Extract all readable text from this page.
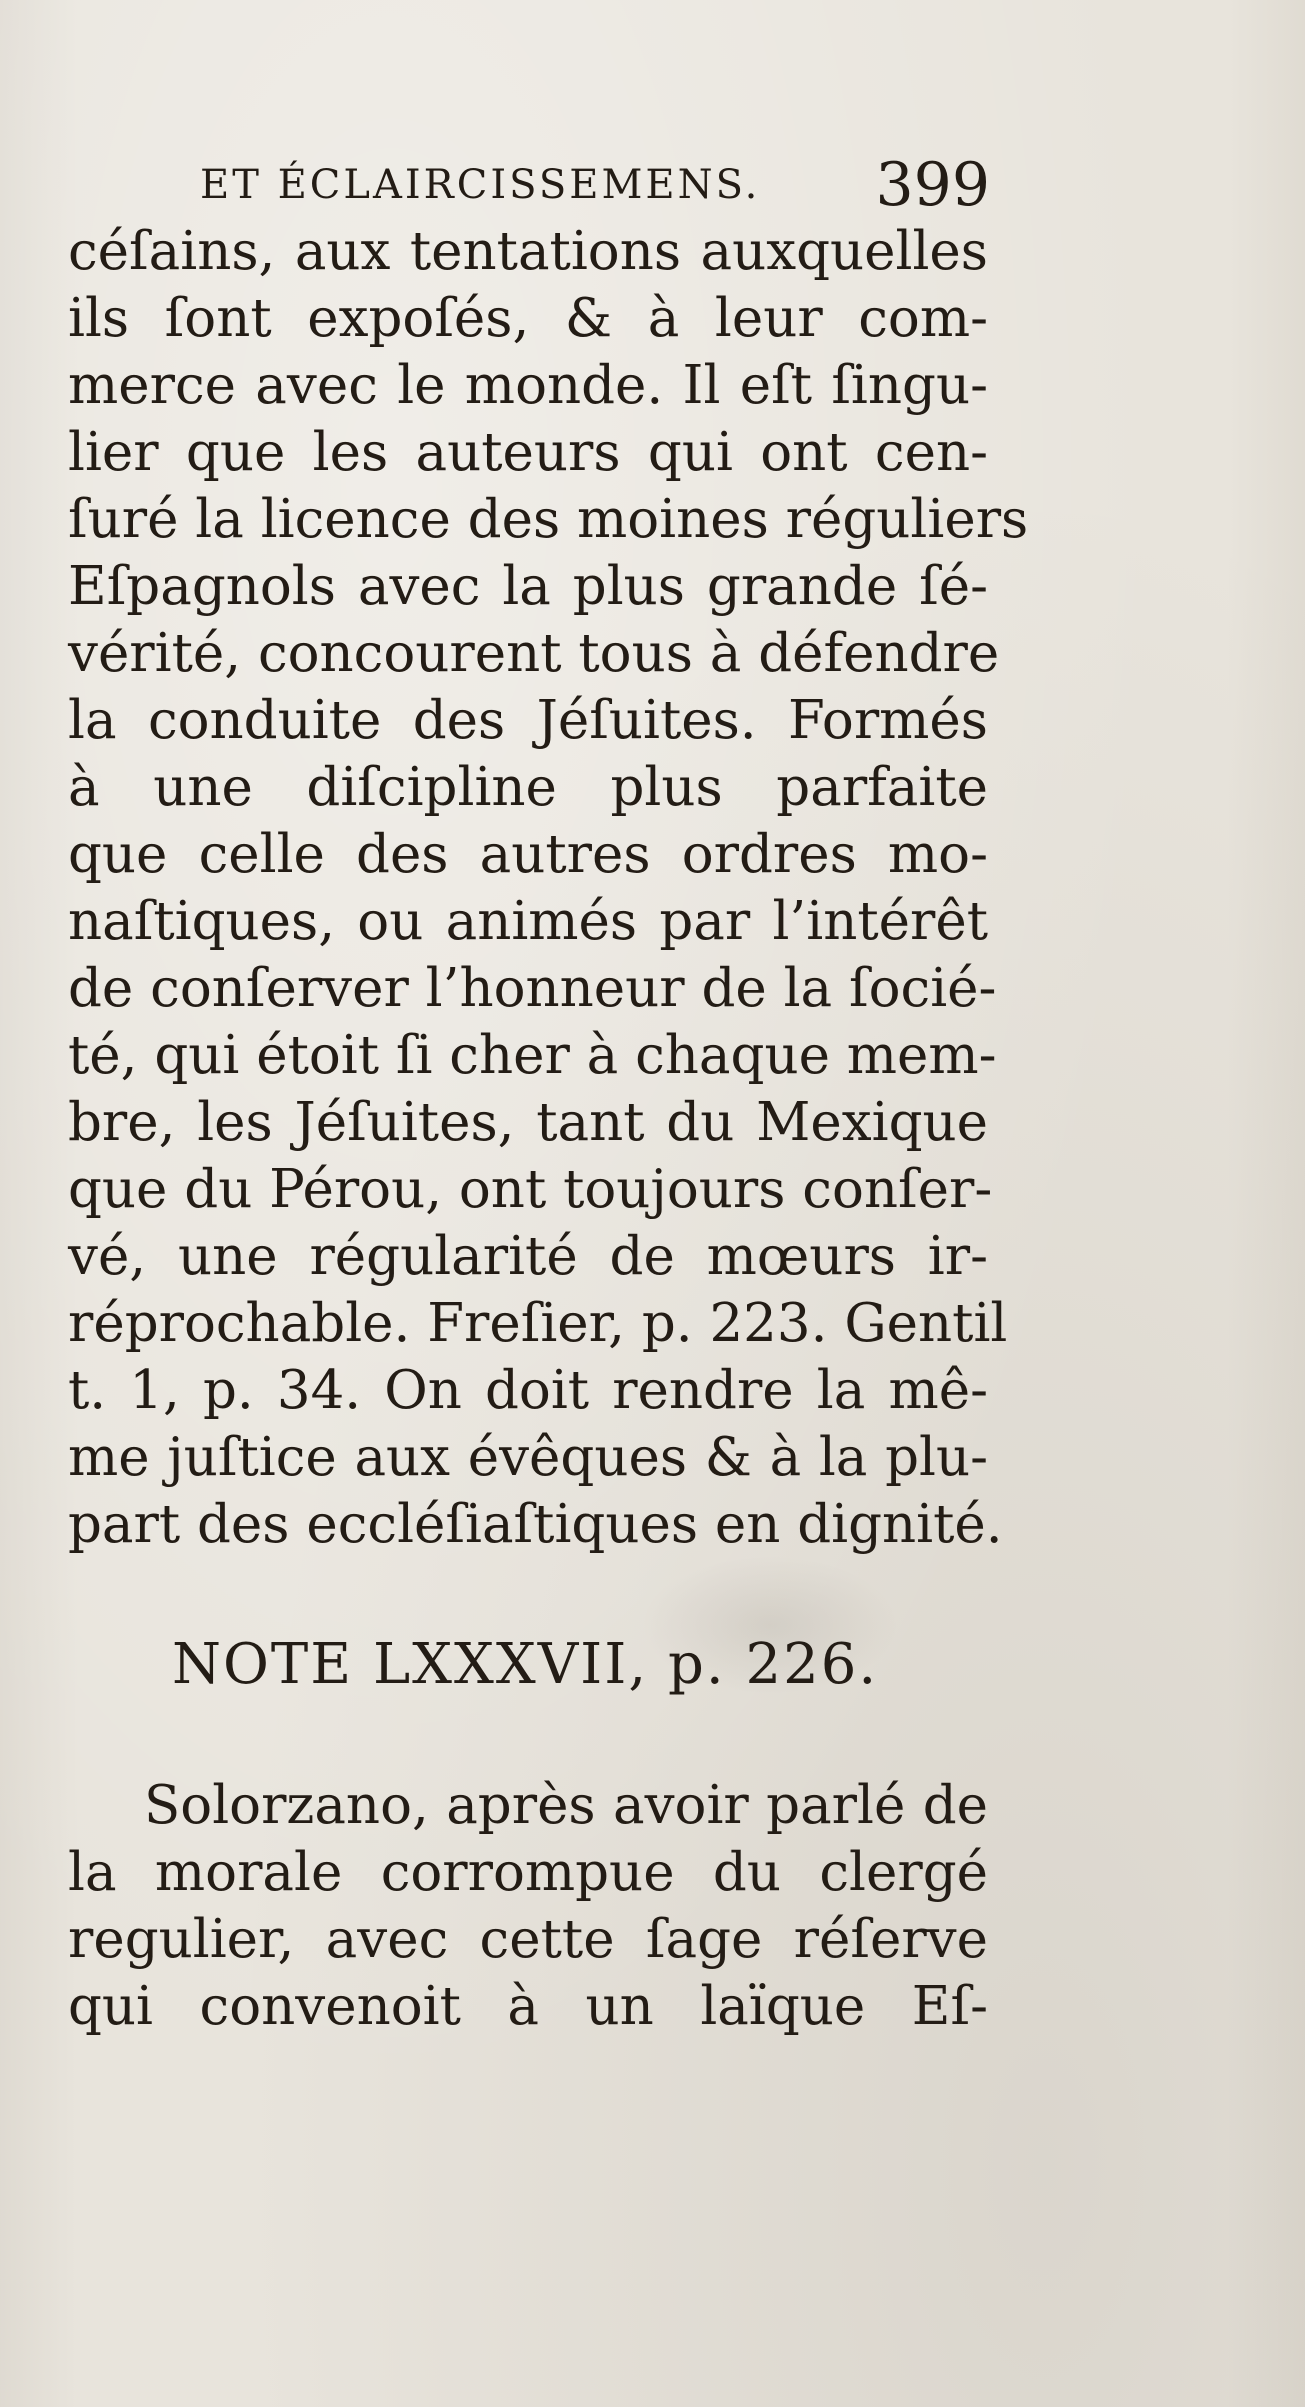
ET ÉCLAIRCISSEMENS. 399
céſains, aux tentations auxquelles
ils ſont expoſés, & à leur com-
merce avec le monde. Il eſt ſingu-
lier que les auteurs qui ont cen-
ſuré la licence des moines réguliers
Eſpagnols avec la plus grande ſé-
vérité, concourent tous à défendre
la conduite des Jéſuites. Formés
à une diſcipline plus parfaite
que celle des autres ordres mo-
naſtiques, ou animés par l’intérêt
de conſerver l’honneur de la ſocié-
té, qui étoit ſi cher à chaque mem-
bre, les Jéſuites, tant du Mexique
que du Pérou, ont toujours conſer-
vé, une régularité de mœurs ir-
réprochable. Freſier, p. 223. Gentil
t. 1, p. 34. On doit rendre la mê-
me juſtice aux évêques & à la plu-
part des eccléſiaſtiques en dignité.
NOTE LXXXVII, p. 226.
Solorzano, après avoir parlé de
la morale corrompue du clergé
regulier, avec cette ſage réſerve
qui convenoit à un laïque Eſ-
